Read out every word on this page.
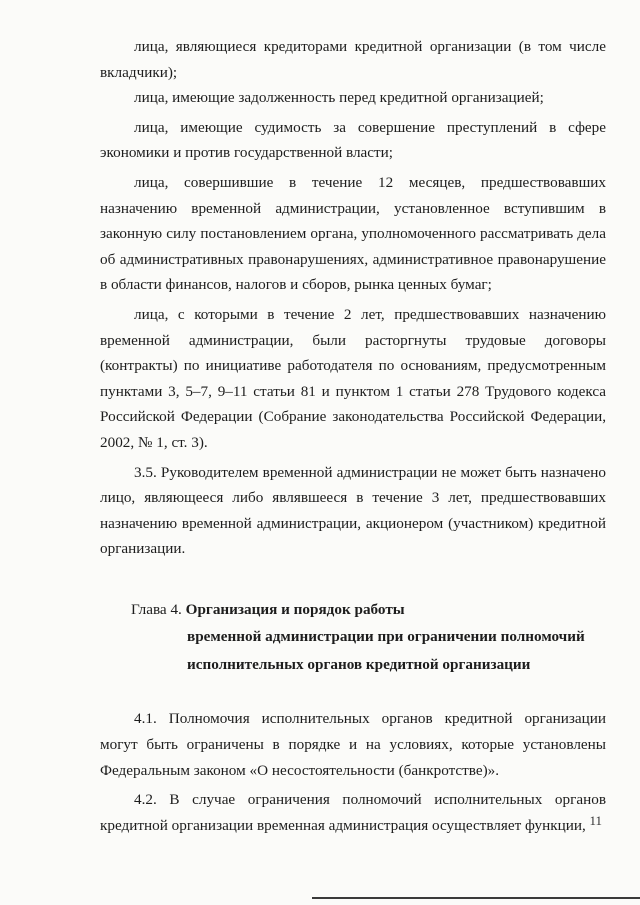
лица, являющиеся кредиторами кредитной организации (в том числе вкладчики);

лица, имеющие задолженность перед кредитной организацией;

лица, имеющие судимость за совершение преступлений в сфере экономики и против государственной власти;

лица, совершившие в течение 12 месяцев, предшествовавших назначению временной администрации, установленное вступившим в законную силу постановлением органа, уполномоченного рассматривать дела об административных правонарушениях, административное правонарушение в области финансов, налогов и сборов, рынка ценных бумаг;

лица, с которыми в течение 2 лет, предшествовавших назначению временной администрации, были расторгнуты трудовые договоры (контракты) по инициативе работодателя по основаниям, предусмотренным пунктами 3, 5–7, 9–11 статьи 81 и пунктом 1 статьи 278 Трудового кодекса Российской Федерации (Собрание законодательства Российской Федерации, 2002, № 1, ст. 3).

3.5. Руководителем временной администрации не может быть назначено лицо, являющееся либо являвшееся в течение 3 лет, предшествовавших назначению временной администрации, акционером (участником) кредитной организации.

Глава 4. Организация и порядок работы
временной администрации при ограничении полномочий
исполнительных органов кредитной организации

4.1. Полномочия исполнительных органов кредитной организации могут быть ограничены в порядке и на условиях, которые установлены Федеральным законом «О несостоятельности (банкротстве)».

4.2. В случае ограничения полномочий исполнительных органов кредитной организации временная администрация осуществляет функции, 11
